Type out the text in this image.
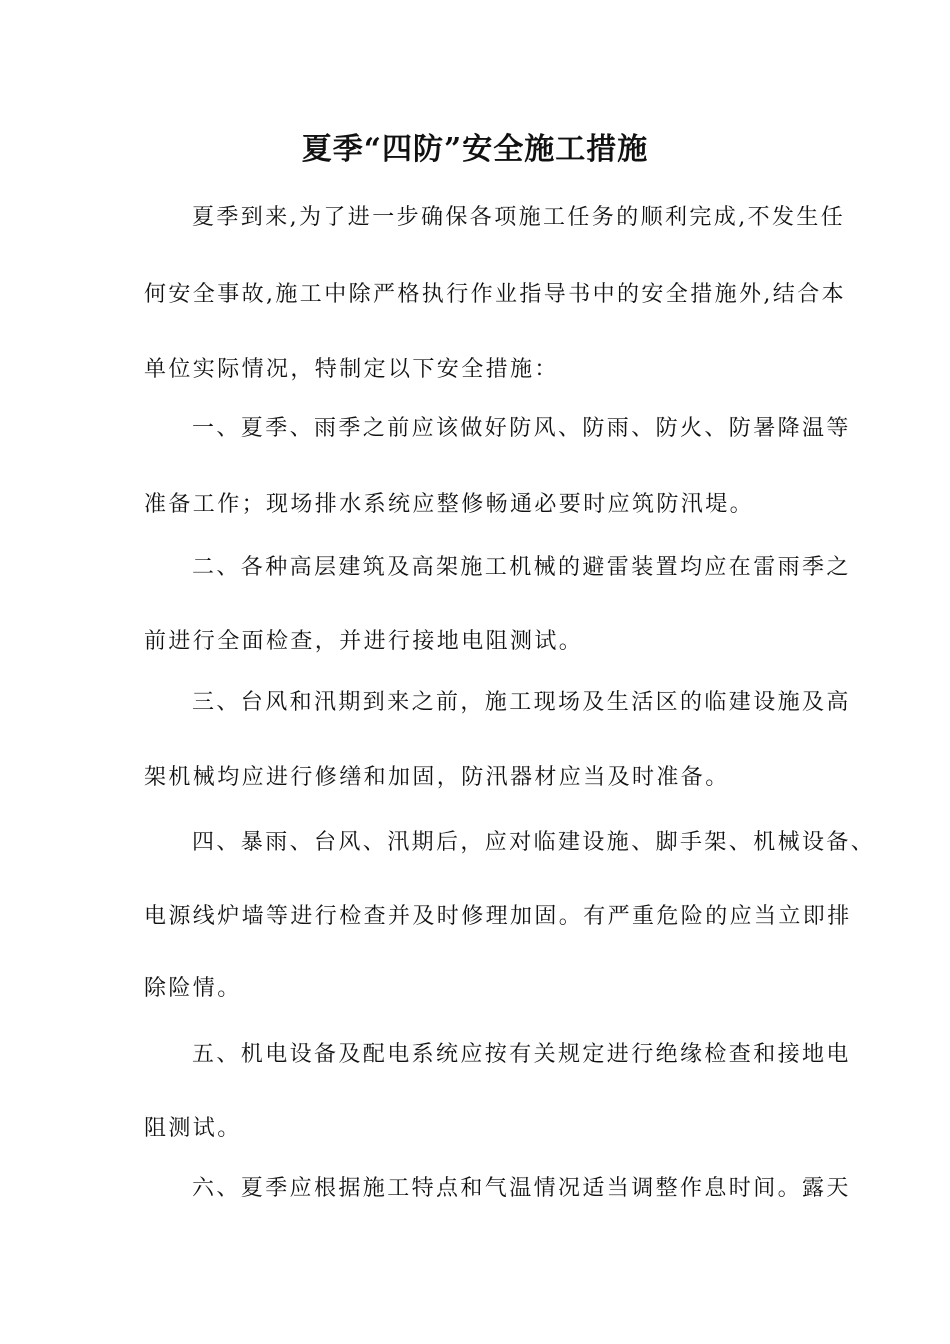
夏季“四防”安全施工措施
夏季到来,为了进一步确保各项施工任务的顺利完成,不发生任
何安全事故,施工中除严格执行作业指导书中的安全措施外,结合本
单位实际情况，特制定以下安全措施：
一、夏季、雨季之前应该做好防风、防雨、防火、防暑降温等
准备工作；现场排水系统应整修畅通必要时应筑防汛堤。
二、各种高层建筑及高架施工机械的避雷装置均应在雷雨季之
前进行全面检查，并进行接地电阻测试。
三、台风和汛期到来之前，施工现场及生活区的临建设施及高
架机械均应进行修缮和加固，防汛器材应当及时准备。
四、暴雨、台风、汛期后，应对临建设施、脚手架、机械设备、
电源线炉墙等进行检查并及时修理加固。有严重危险的应当立即排
除险情。
五、机电设备及配电系统应按有关规定进行绝缘检查和接地电
阻测试。
六、夏季应根据施工特点和气温情况适当调整作息时间。露天
